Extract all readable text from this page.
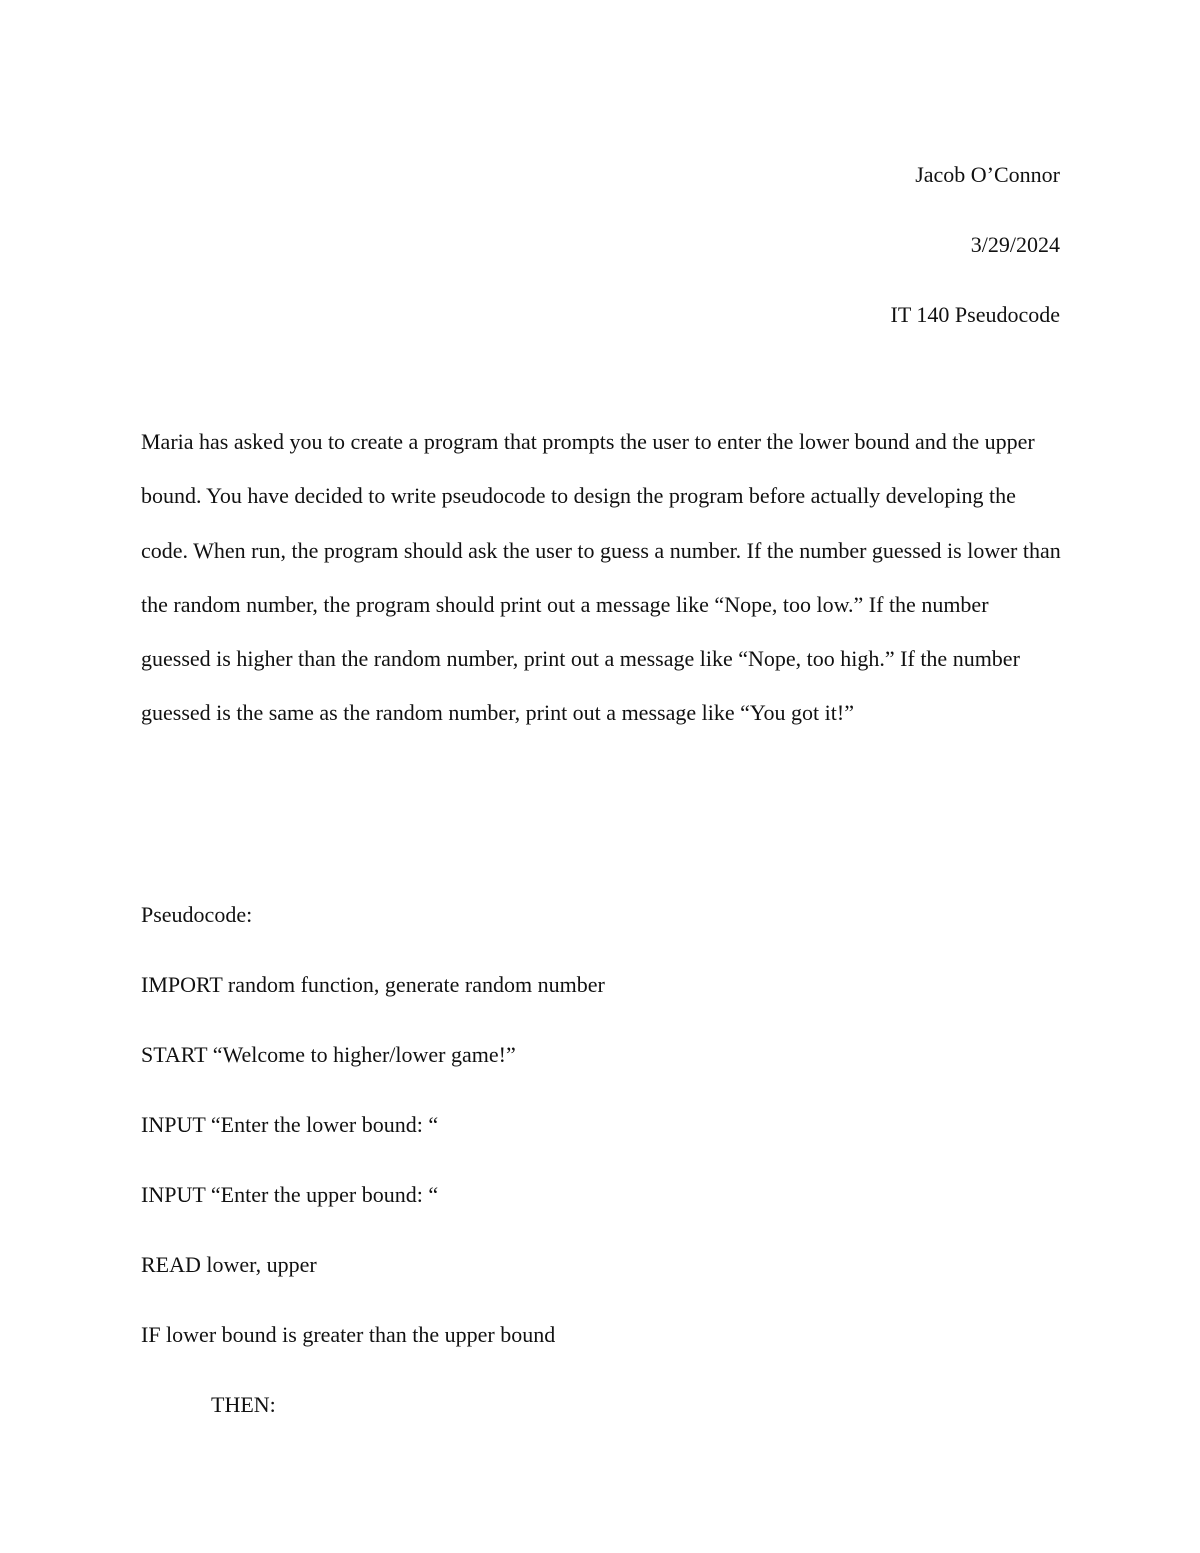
Jacob O’Connor
3/29/2024
IT 140 Pseudocode

Maria has asked you to create a program that prompts the user to enter the lower bound and the upper bound. You have decided to write pseudocode to design the program before actually developing the code. When run, the program should ask the user to guess a number. If the number guessed is lower than the random number, the program should print out a message like “Nope, too low.” If the number guessed is higher than the random number, print out a message like “Nope, too high.” If the number guessed is the same as the random number, print out a message like “You got it!”

Pseudocode:
IMPORT random function, generate random number
START “Welcome to higher/lower game!”
INPUT “Enter the lower bound: “
INPUT “Enter the upper bound: “
READ lower, upper
IF lower bound is greater than the upper bound
THEN:
